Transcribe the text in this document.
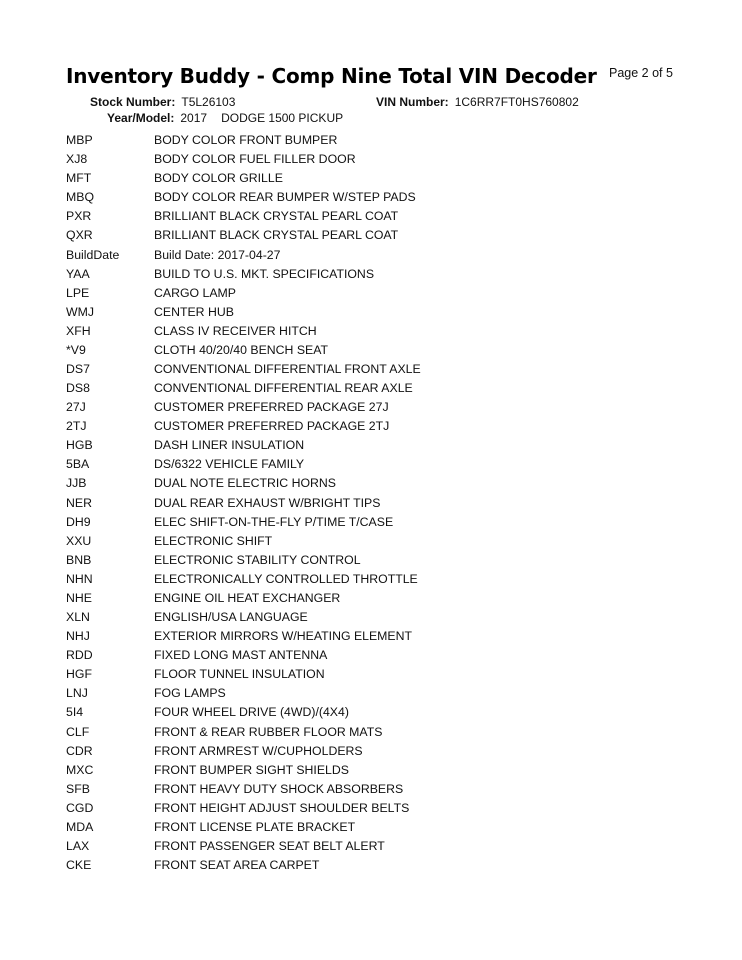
Inventory Buddy - Comp Nine Total VIN Decoder Page 2 of 5
Stock Number: T5L26103	VIN Number: 1C6RR7FT0HS760802
Year/Model: 2017 DODGE 1500 PICKUP
MBP	BODY COLOR FRONT BUMPER
XJ8	BODY COLOR FUEL FILLER DOOR
MFT	BODY COLOR GRILLE
MBQ	BODY COLOR REAR BUMPER W/STEP PADS
PXR	BRILLIANT BLACK CRYSTAL PEARL COAT
QXR	BRILLIANT BLACK CRYSTAL PEARL COAT
BuildDate	Build Date: 2017-04-27
YAA	BUILD TO U.S. MKT. SPECIFICATIONS
LPE	CARGO LAMP
WMJ	CENTER HUB
XFH	CLASS IV RECEIVER HITCH
*V9	CLOTH 40/20/40 BENCH SEAT
DS7	CONVENTIONAL DIFFERENTIAL FRONT AXLE
DS8	CONVENTIONAL DIFFERENTIAL REAR AXLE
27J	CUSTOMER PREFERRED PACKAGE 27J
2TJ	CUSTOMER PREFERRED PACKAGE 2TJ
HGB	DASH LINER INSULATION
5BA	DS/6322 VEHICLE FAMILY
JJB	DUAL NOTE ELECTRIC HORNS
NER	DUAL REAR EXHAUST W/BRIGHT TIPS
DH9	ELEC SHIFT-ON-THE-FLY P/TIME T/CASE
XXU	ELECTRONIC SHIFT
BNB	ELECTRONIC STABILITY CONTROL
NHN	ELECTRONICALLY CONTROLLED THROTTLE
NHE	ENGINE OIL HEAT EXCHANGER
XLN	ENGLISH/USA LANGUAGE
NHJ	EXTERIOR MIRRORS W/HEATING ELEMENT
RDD	FIXED LONG MAST ANTENNA
HGF	FLOOR TUNNEL INSULATION
LNJ	FOG LAMPS
5I4	FOUR WHEEL DRIVE (4WD)/(4X4)
CLF	FRONT & REAR RUBBER FLOOR MATS
CDR	FRONT ARMREST W/CUPHOLDERS
MXC	FRONT BUMPER SIGHT SHIELDS
SFB	FRONT HEAVY DUTY SHOCK ABSORBERS
CGD	FRONT HEIGHT ADJUST SHOULDER BELTS
MDA	FRONT LICENSE PLATE BRACKET
LAX	FRONT PASSENGER SEAT BELT ALERT
CKE	FRONT SEAT AREA CARPET
